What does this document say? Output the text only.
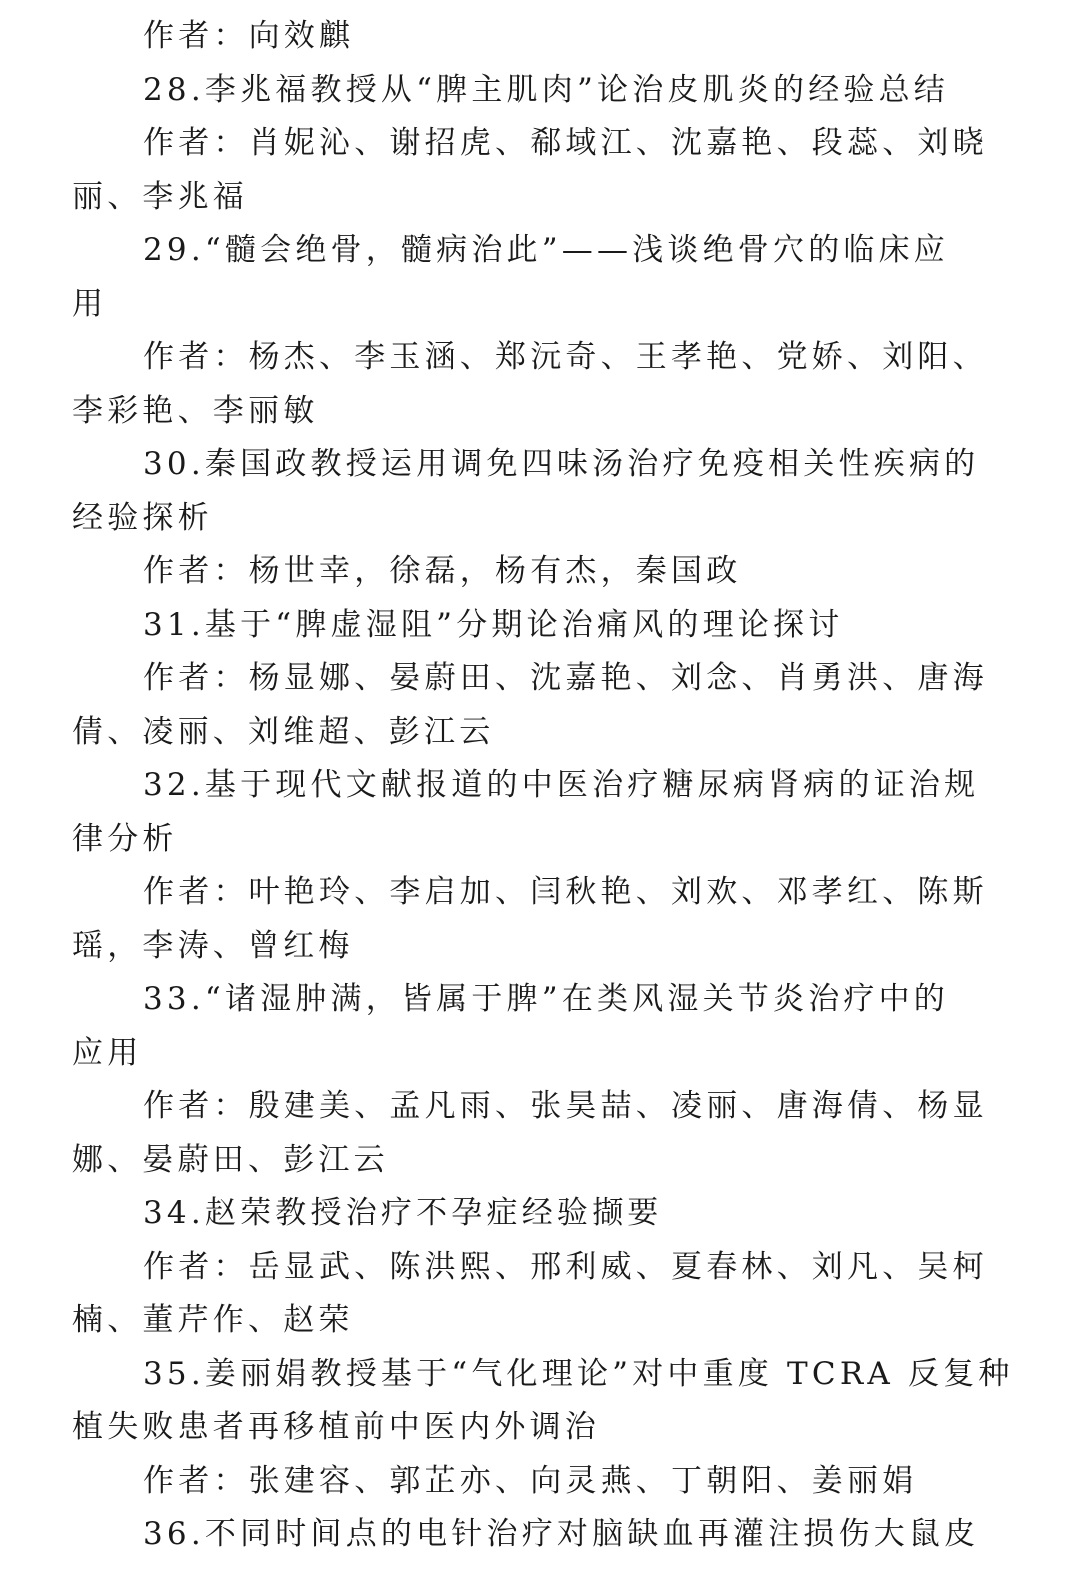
作者：向效麒
28.李兆福教授从“脾主肌肉”论治皮肌炎的经验总结
作者：肖妮沁、谢招虎、郗域江、沈嘉艳、段蕊、刘晓
丽、李兆福
29.“髓会绝骨，髓病治此”——浅谈绝骨穴的临床应
用
作者：杨杰、李玉涵、郑沅奇、王孝艳、党娇、刘阳、
李彩艳、李丽敏
30.秦国政教授运用调免四味汤治疗免疫相关性疾病的
经验探析
作者：杨世幸，徐磊，杨有杰，秦国政
31.基于“脾虚湿阻”分期论治痛风的理论探讨
作者：杨显娜、晏蔚田、沈嘉艳、刘念、肖勇洪、唐海
倩、凌丽、刘维超、彭江云
32.基于现代文献报道的中医治疗糖尿病肾病的证治规
律分析
作者：叶艳玲、李启加、闫秋艳、刘欢、邓孝红、陈斯
瑶，李涛、曾红梅
33.“诸湿肿满，皆属于脾”在类风湿关节炎治疗中的
应用
作者：殷建美、孟凡雨、张昊喆、凌丽、唐海倩、杨显
娜、晏蔚田、彭江云
34.赵荣教授治疗不孕症经验撷要
作者：岳显武、陈洪熙、邢利威、夏春林、刘凡、吴柯
楠、董芹作、赵荣
35.姜丽娟教授基于“气化理论”对中重度 TCRA 反复种
植失败患者再移植前中医内外调治
作者：张建容、郭芷亦、向灵燕、丁朝阳、姜丽娟
36.不同时间点的电针治疗对脑缺血再灌注损伤大鼠皮
